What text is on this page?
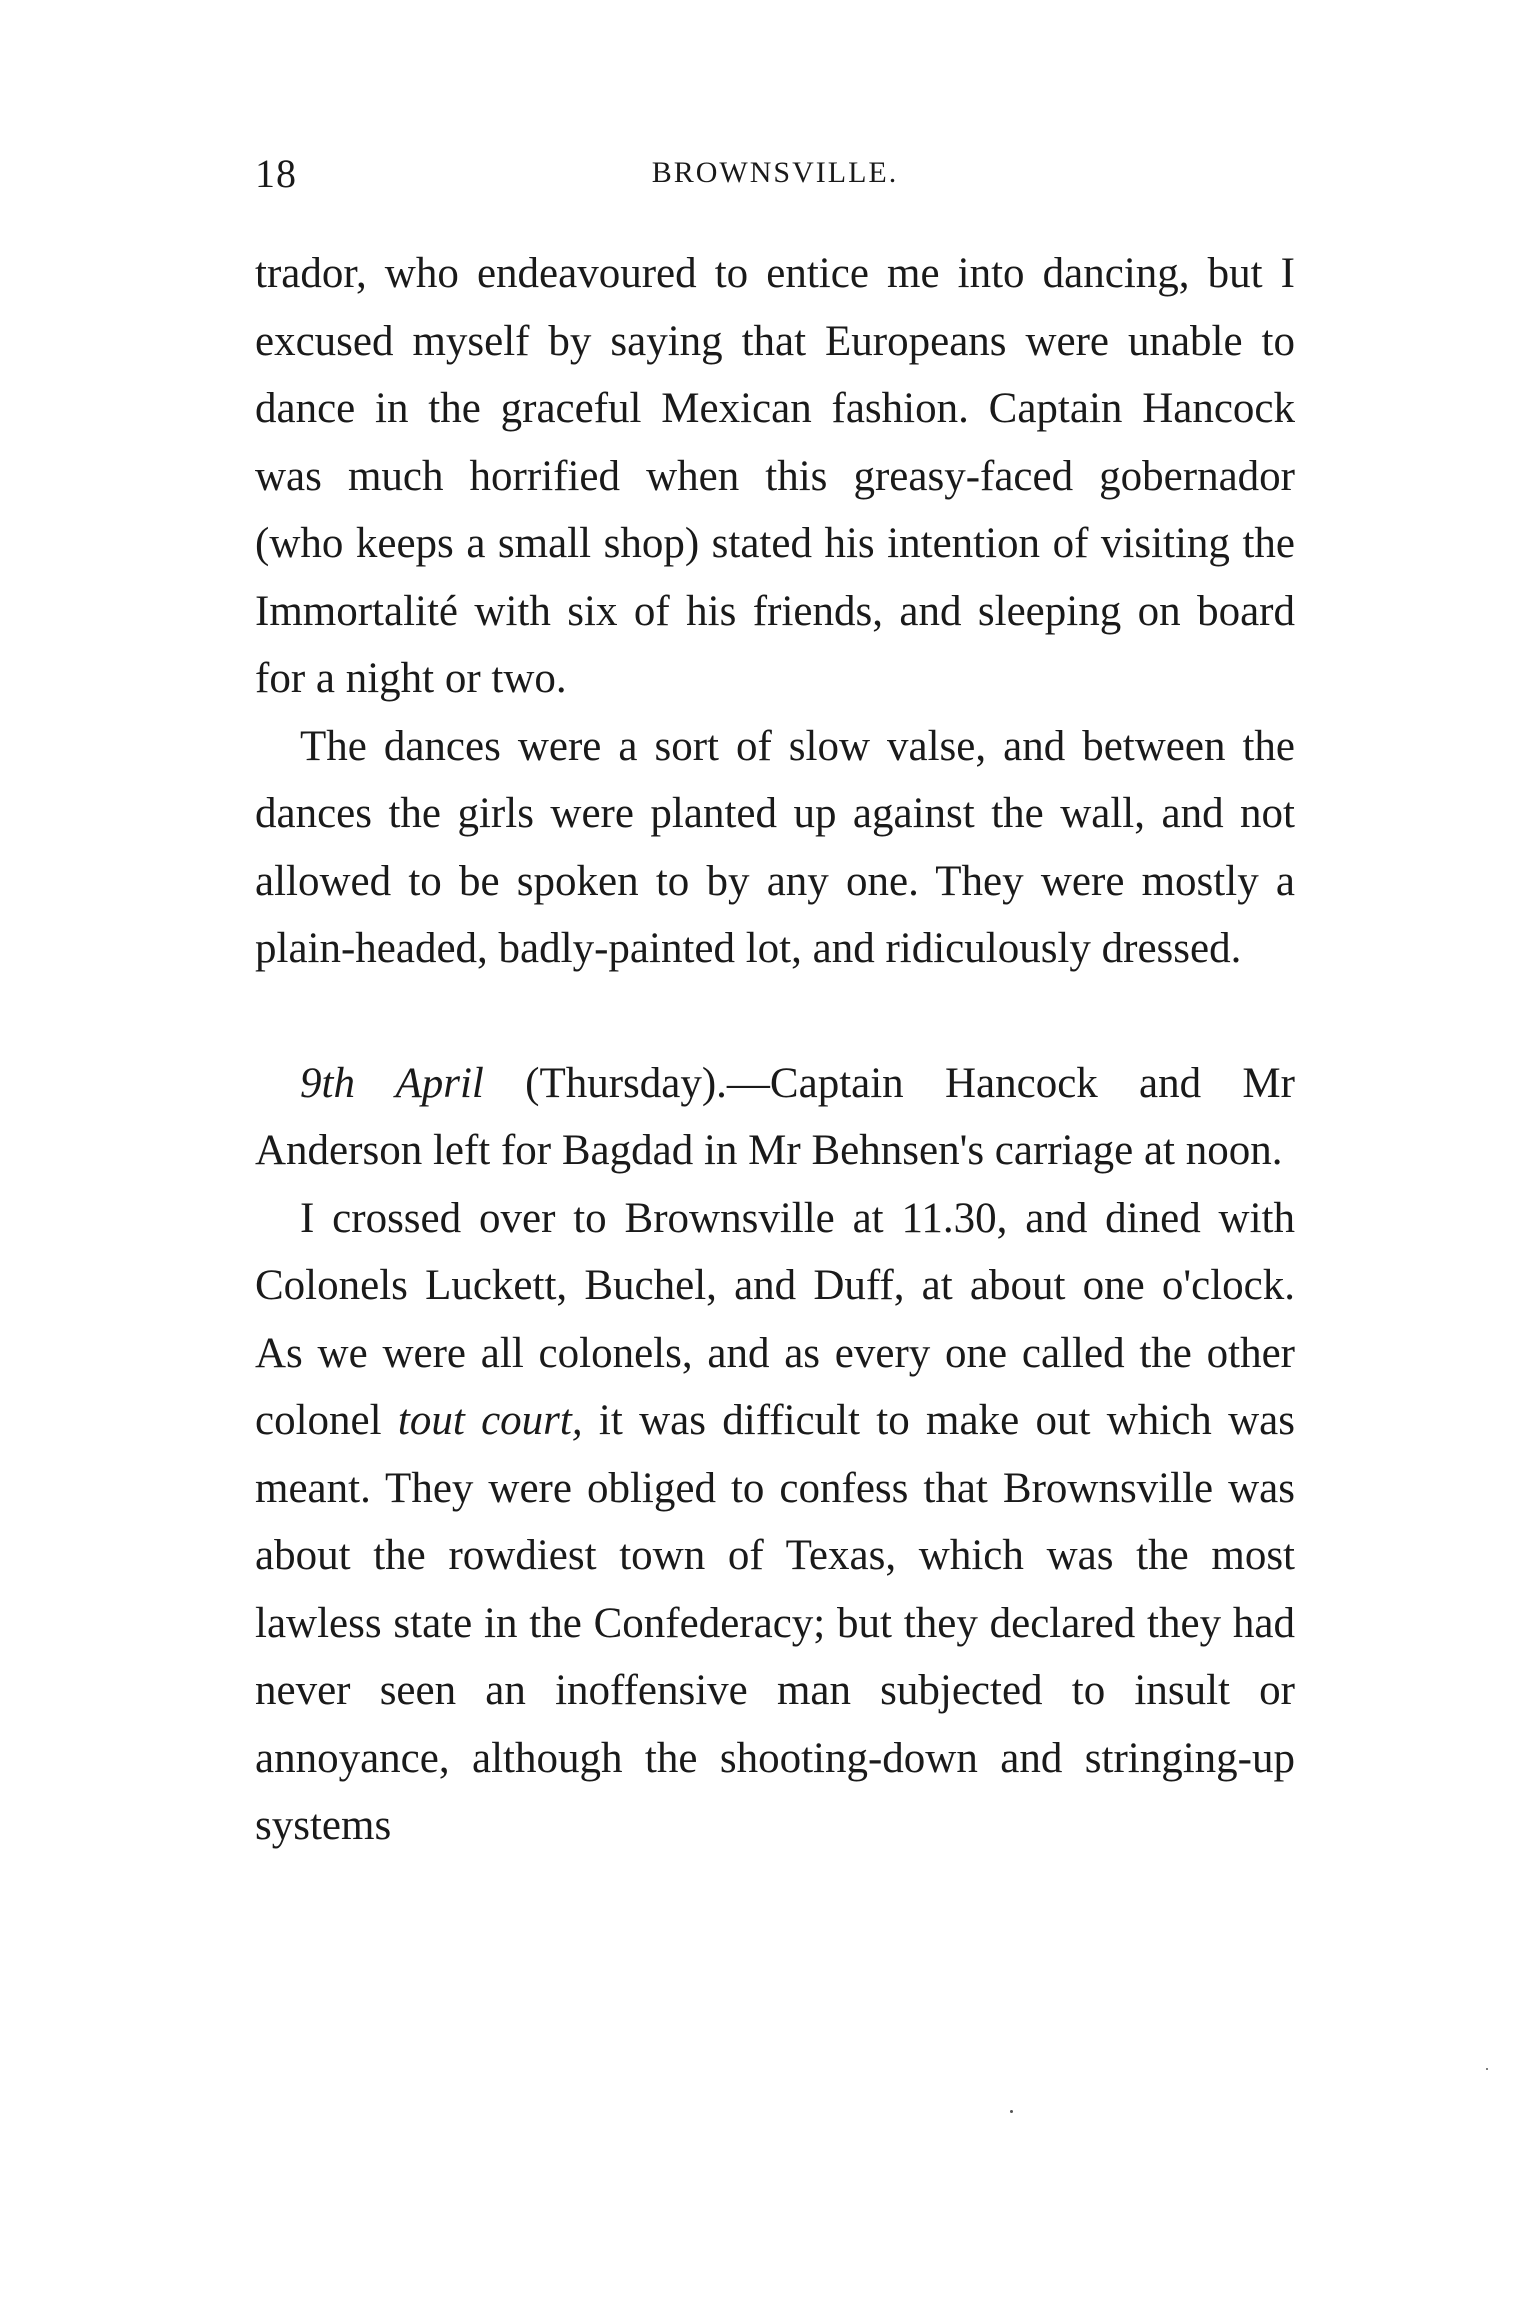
18	BROWNSVILLE.

trador, who endeavoured to entice me into dancing, but I excused myself by saying that Europeans were unable to dance in the graceful Mexican fashion. Captain Hancock was much horrified when this greasy-faced gobernador (who keeps a small shop) stated his intention of visiting the Immortalité with six of his friends, and sleeping on board for a night or two.

The dances were a sort of slow valse, and between the dances the girls were planted up against the wall, and not allowed to be spoken to by any one. They were mostly a plain-headed, badly-painted lot, and ridiculously dressed.

9th April (Thursday).—Captain Hancock and Mr Anderson left for Bagdad in Mr Behnsen's carriage at noon.

I crossed over to Brownsville at 11.30, and dined with Colonels Luckett, Buchel, and Duff, at about one o'clock. As we were all colonels, and as every one called the other colonel tout court, it was difficult to make out which was meant. They were obliged to confess that Brownsville was about the rowdiest town of Texas, which was the most lawless state in the Confederacy; but they declared they had never seen an inoffensive man subjected to insult or annoyance, although the shooting-down and stringing-up systems
